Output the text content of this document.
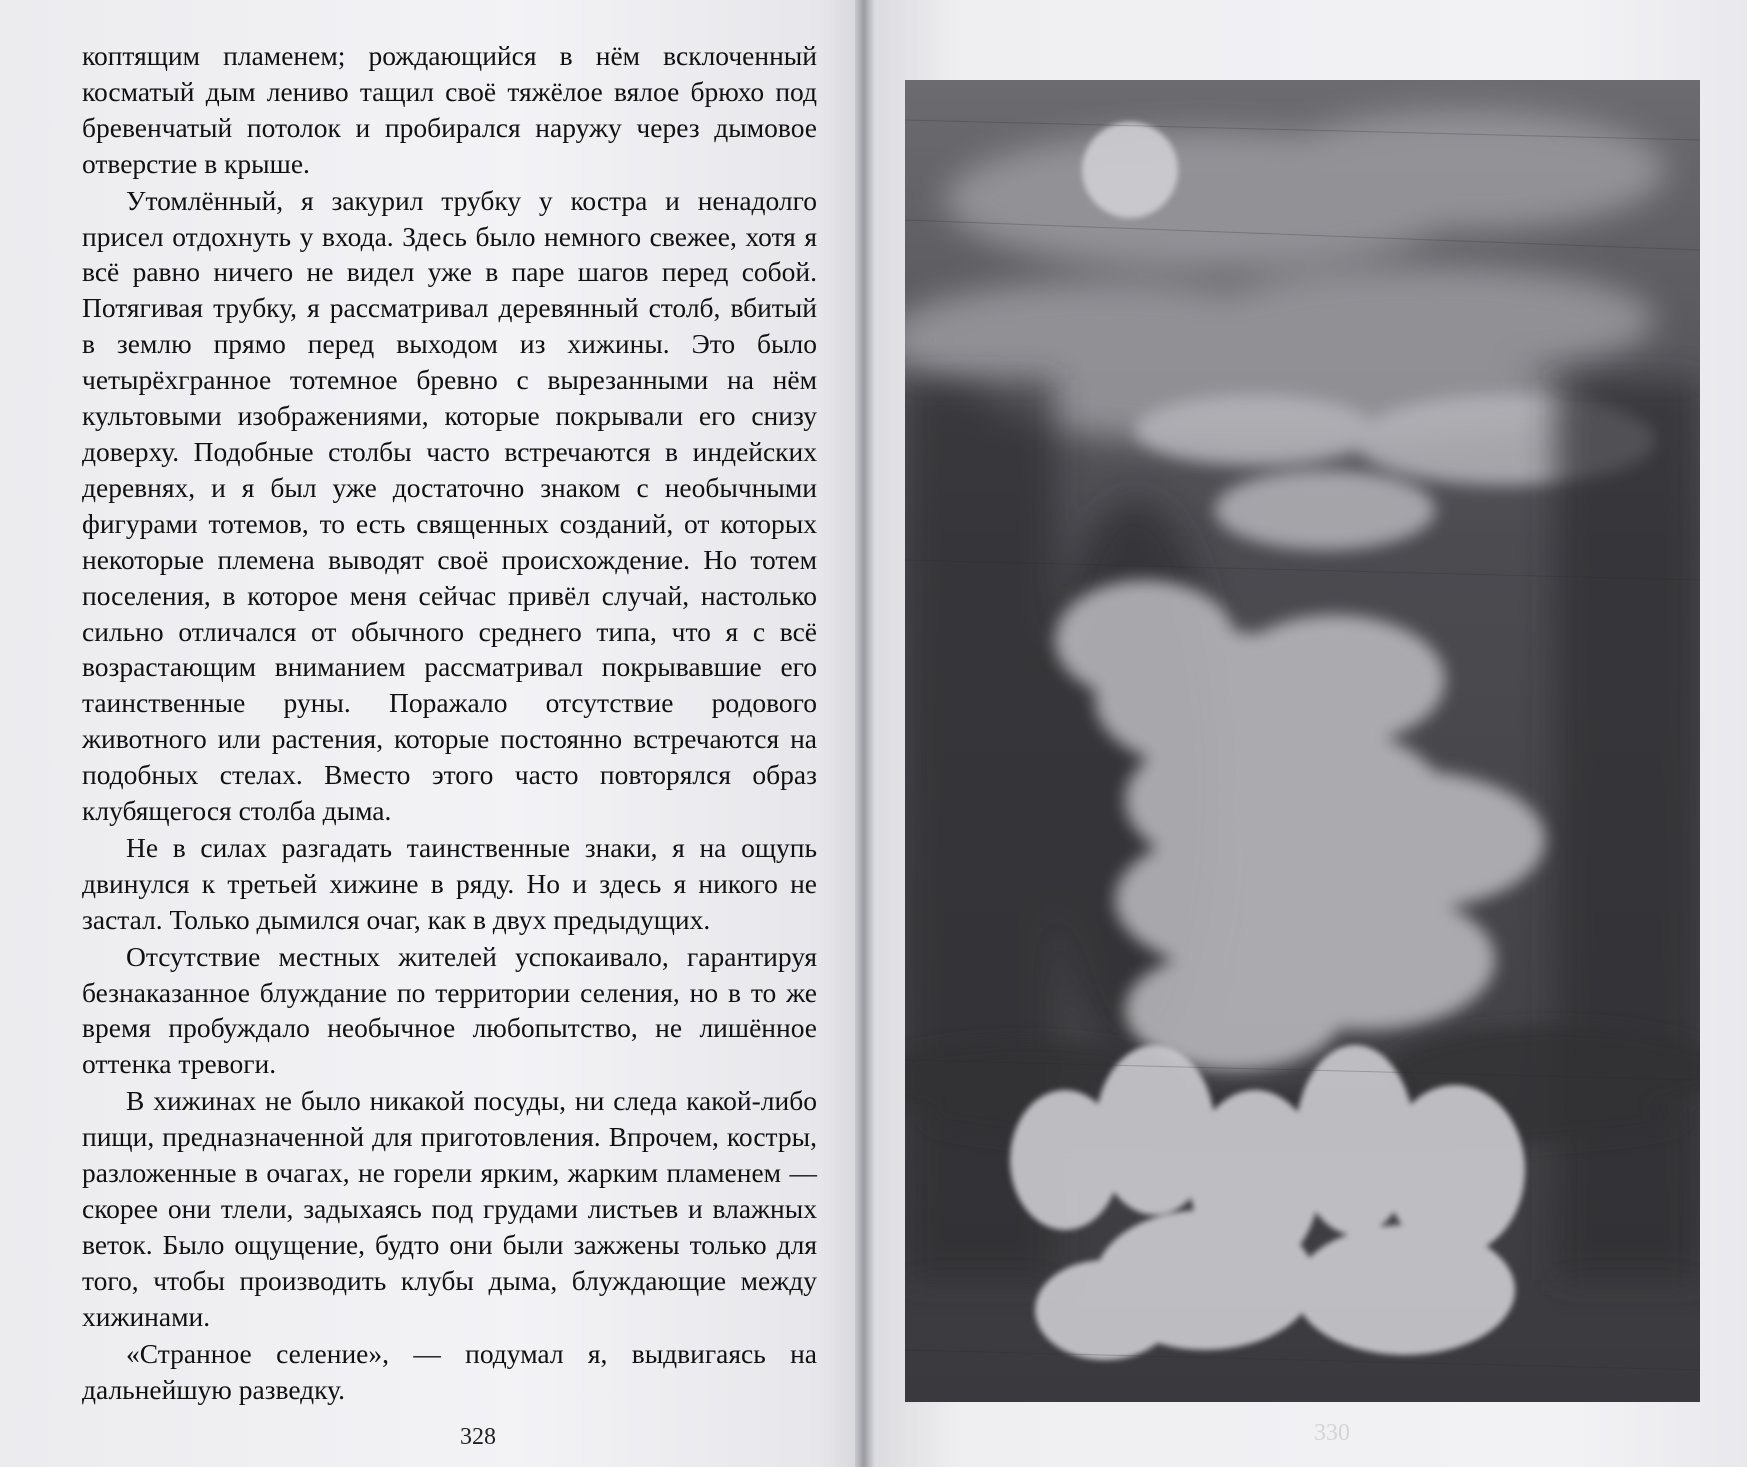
коптящим пламенем; рождающийся в нём всклоченный косматый дым лениво тащил своё тяжёлое вялое брюхо под бревенчатый потолок и пробирался наружу через дымовое отверстие в крыше.

Утомлённый, я закурил трубку у костра и ненадолго присел отдохнуть у входа. Здесь было немного свежее, хотя я всё равно ничего не видел уже в паре шагов перед собой. Потягивая трубку, я рассматривал деревянный столб, вбитый в землю прямо перед выходом из хижины. Это было четырёхгранное тотемное бревно с вырезанными на нём культовыми изображениями, которые покрывали его снизу доверху. Подобные столбы часто встречаются в индейских деревнях, и я был уже достаточно знаком с необычными фигурами тотемов, то есть священных созданий, от которых некоторые племена выводят своё происхождение. Но тотем поселения, в которое меня сейчас привёл случай, настолько сильно отличался от обычного среднего типа, что я с всё возрастающим вниманием рассматривал покрывавшие его таинственные руны. Поражало отсутствие родового животного или растения, которые постоянно встречаются на подобных стелах. Вместо этого часто повторялся образ клубящегося столба дыма.

Не в силах разгадать таинственные знаки, я на ощупь двинулся к третьей хижине в ряду. Но и здесь я никого не застал. Только дымился очаг, как в двух предыдущих.

Отсутствие местных жителей успокаивало, гарантируя безнаказанное блуждание по территории селения, но в то же время пробуждало необычное любопытство, не лишённое оттенка тревоги.

В хижинах не было никакой посуды, ни следа какой-либо пищи, предназначенной для приготовления. Впрочем, костры, разложенные в очагах, не горели ярким, жарким пламенем — скорее они тлели, задыхаясь под грудами листьев и влажных веток. Было ощущение, будто они были зажжены только для того, чтобы производить клубы дыма, блуждающие между хижинами.

«Странное селение», — подумал я, выдвигаясь на дальнейшую разведку.

328	330
